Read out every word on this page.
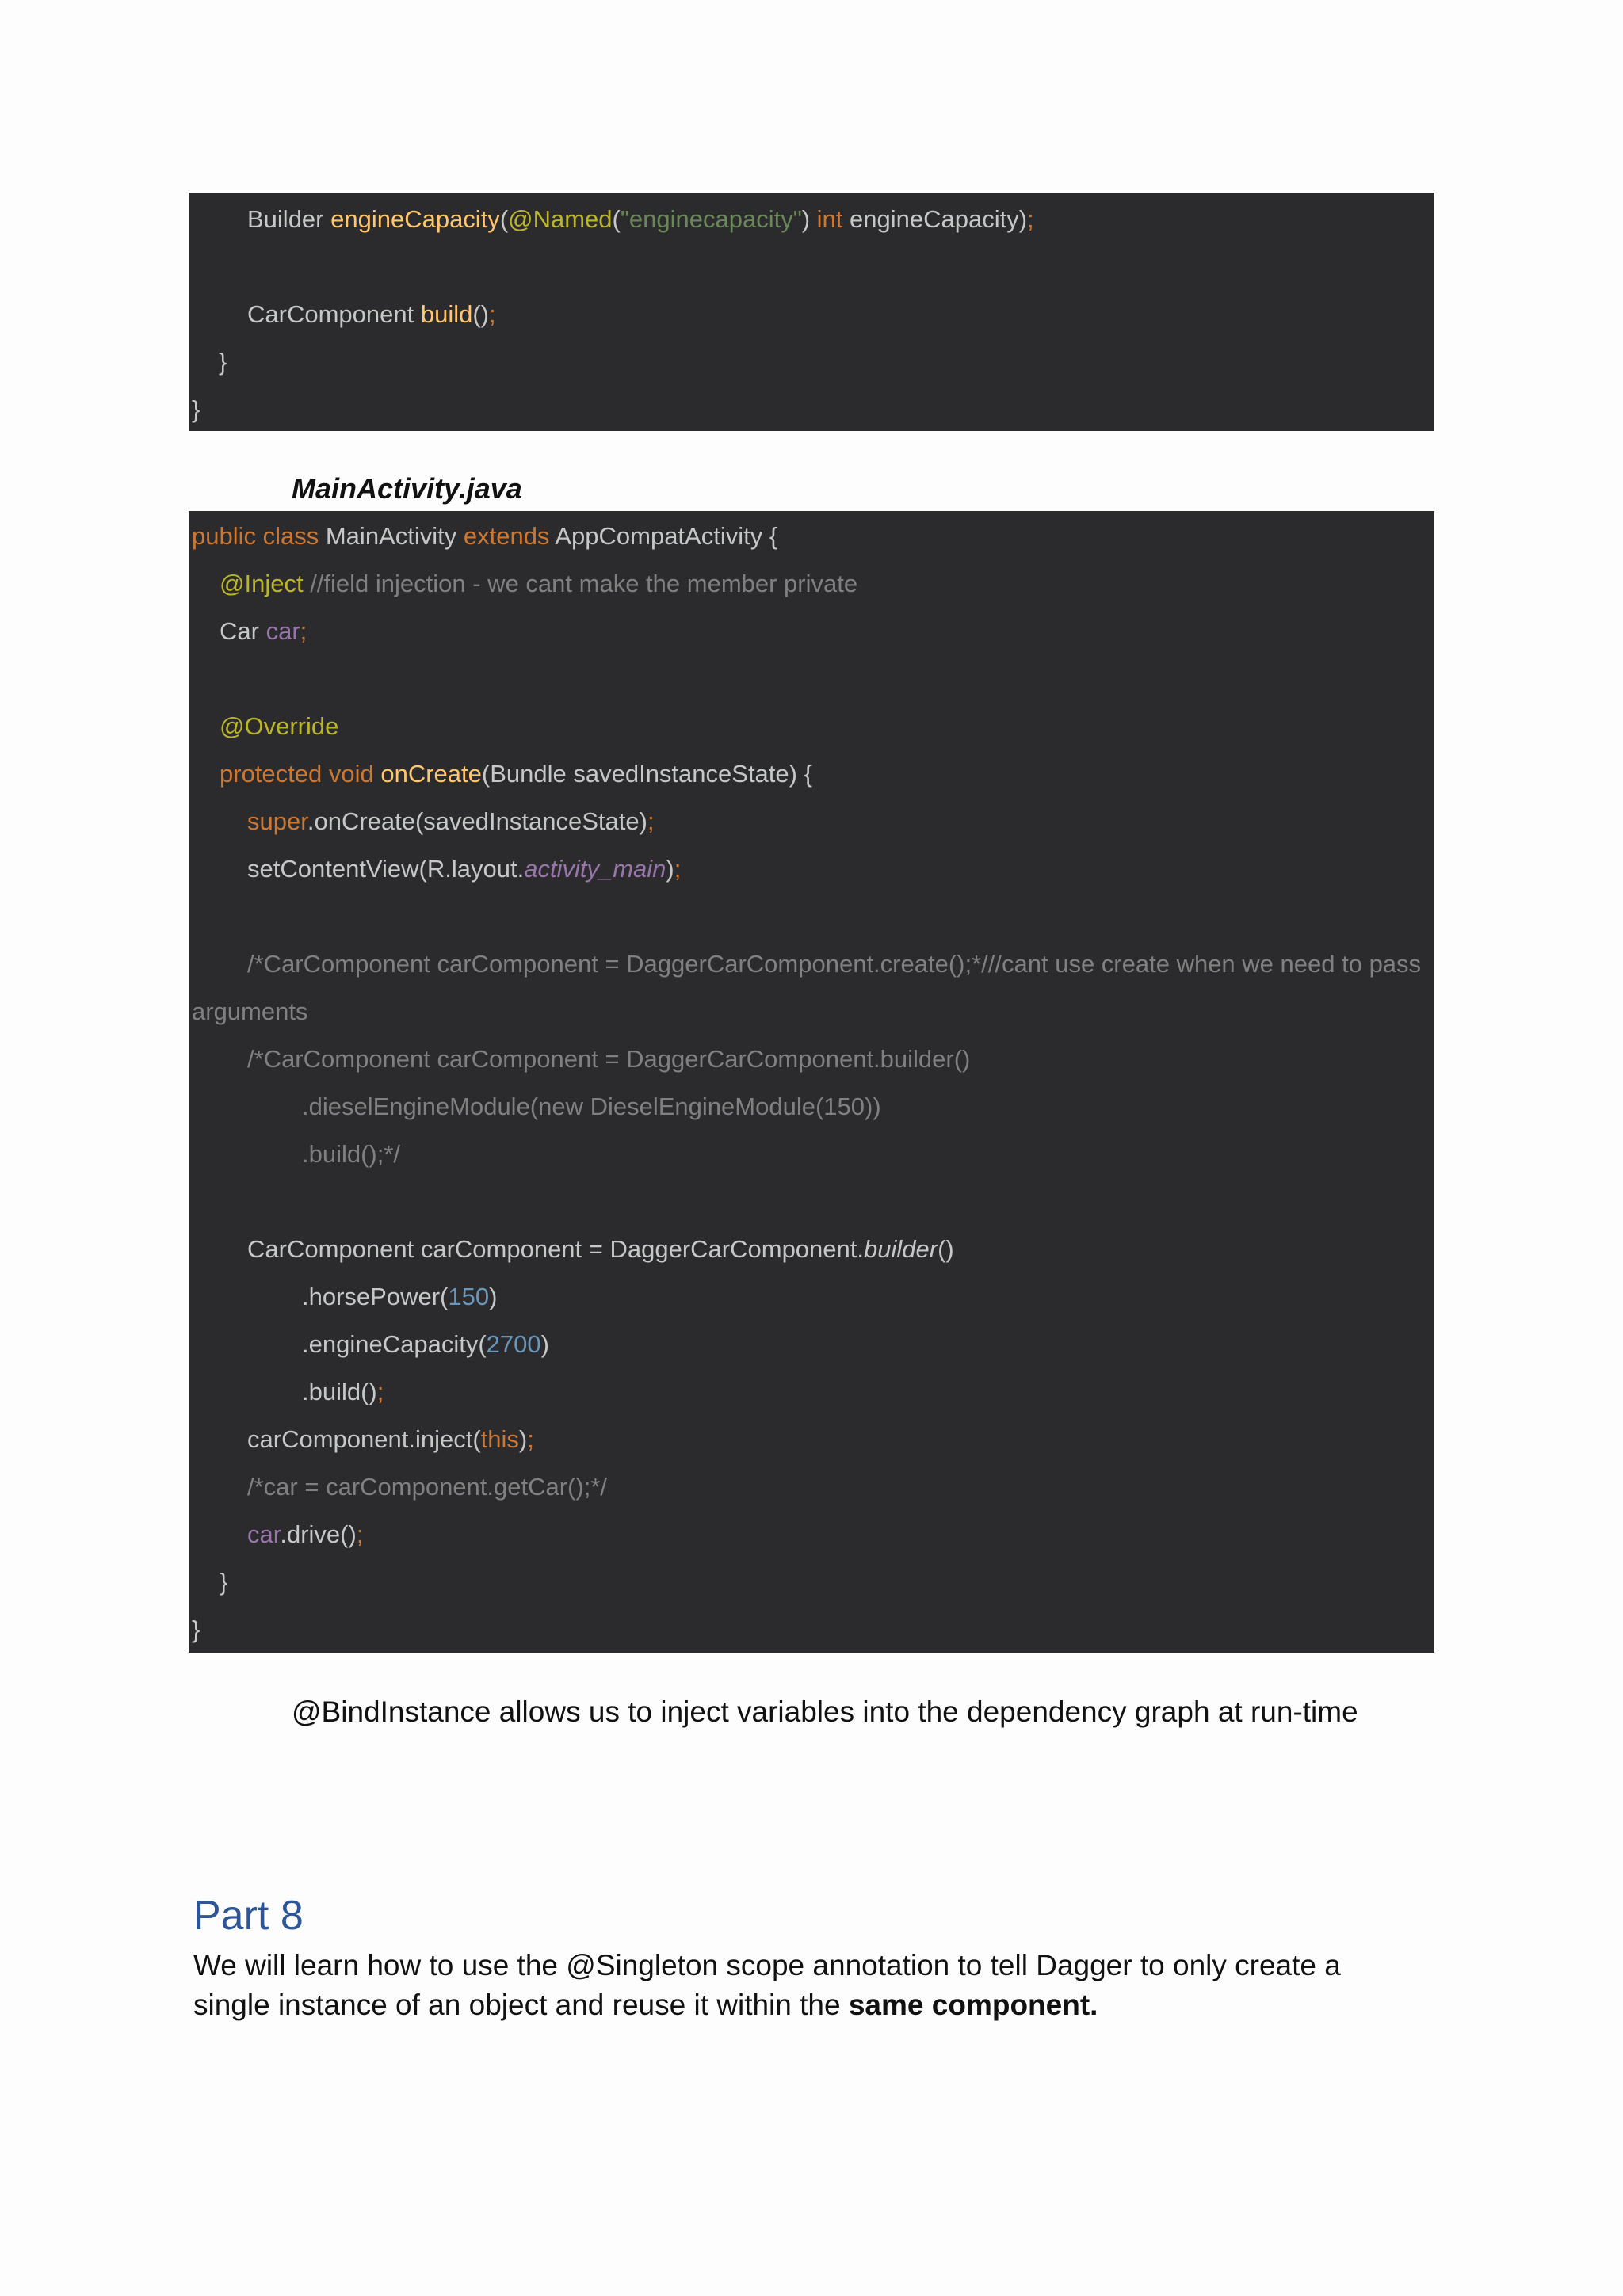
Builder engineCapacity(@Named("enginecapacity") int engineCapacity);
CarComponent build();
}
}
MainActivity.java
public class MainActivity extends AppCompatActivity {
@Inject //field injection - we cant make the member private
Car car;
@Override
protected void onCreate(Bundle savedInstanceState) {
super.onCreate(savedInstanceState);
setContentView(R.layout.activity_main);
/*CarComponent carComponent = DaggerCarComponent.create();*///cant use create when we need to pass
arguments
/*CarComponent carComponent = DaggerCarComponent.builder()
.dieselEngineModule(new DieselEngineModule(150))
.build();*/
CarComponent carComponent = DaggerCarComponent.builder()
.horsePower(150)
.engineCapacity(2700)
.build();
carComponent.inject(this);
/*car = carComponent.getCar();*/
car.drive();
}
}
@BindInstance allows us to inject variables into the dependency graph at run-time
Part 8
We will learn how to use the @Singleton scope annotation to tell Dagger to only create a
single instance of an object and reuse it within the same component.
